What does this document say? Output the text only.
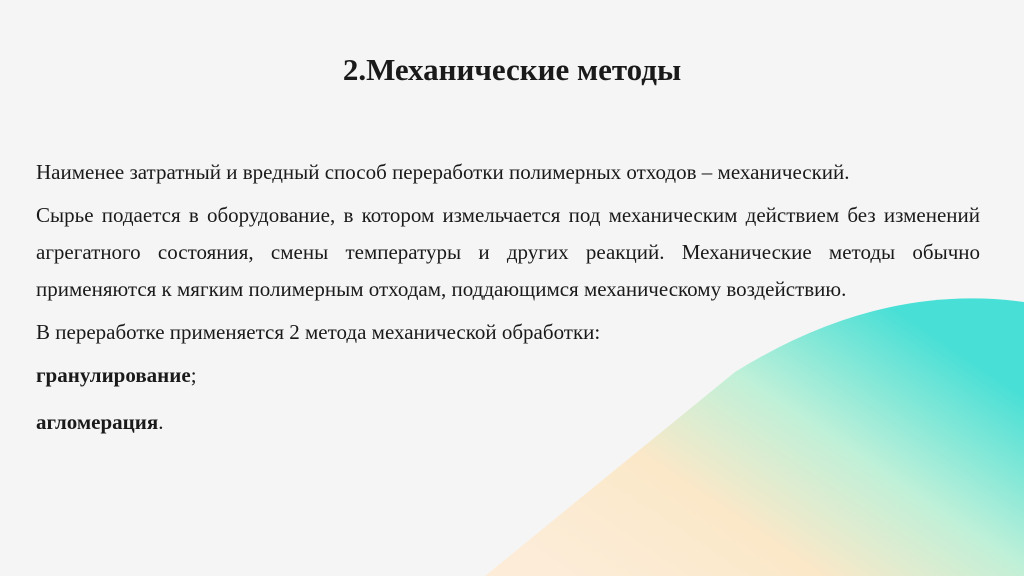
2.Механические методы

Наименее затратный и вредный способ переработки полимерных отходов – механический.

Сырье подается в оборудование, в котором измельчается под механическим действием без изменений агрегатного состояния, смены температуры и других реакций. Механические методы обычно применяются к мягким полимерным отходам, поддающимся механическому воздействию.

В переработке применяется 2 метода механической обработки:

гранулирование;

агломерация.
